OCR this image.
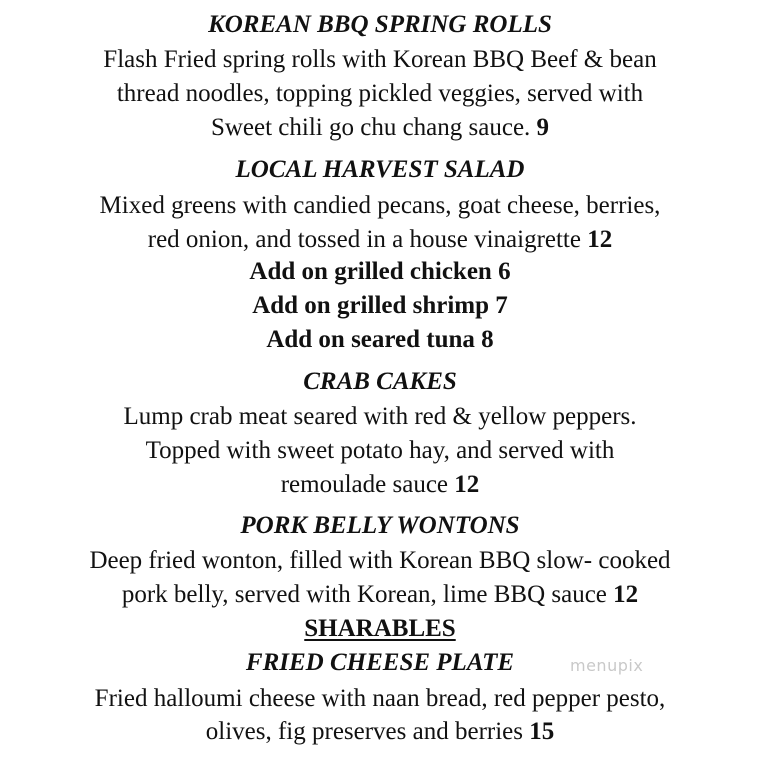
KOREAN BBQ SPRING ROLLS
Flash Fried spring rolls with Korean BBQ Beef & bean
thread noodles, topping pickled veggies, served with
Sweet chili go chu chang sauce. 9
LOCAL HARVEST SALAD
Mixed greens with candied pecans, goat cheese, berries,
red onion, and tossed in a house vinaigrette 12
Add on grilled chicken 6
Add on grilled shrimp 7
Add on seared tuna 8
CRAB CAKES
Lump crab meat seared with red & yellow peppers.
Topped with sweet potato hay, and served with
remoulade sauce 12
PORK BELLY WONTONS
Deep fried wonton, filled with Korean BBQ slow- cooked
pork belly, served with Korean, lime BBQ sauce 12
SHARABLES
FRIED CHEESE PLATE
Fried halloumi cheese with naan bread, red pepper pesto,
olives, fig preserves and berries 15
menupix
